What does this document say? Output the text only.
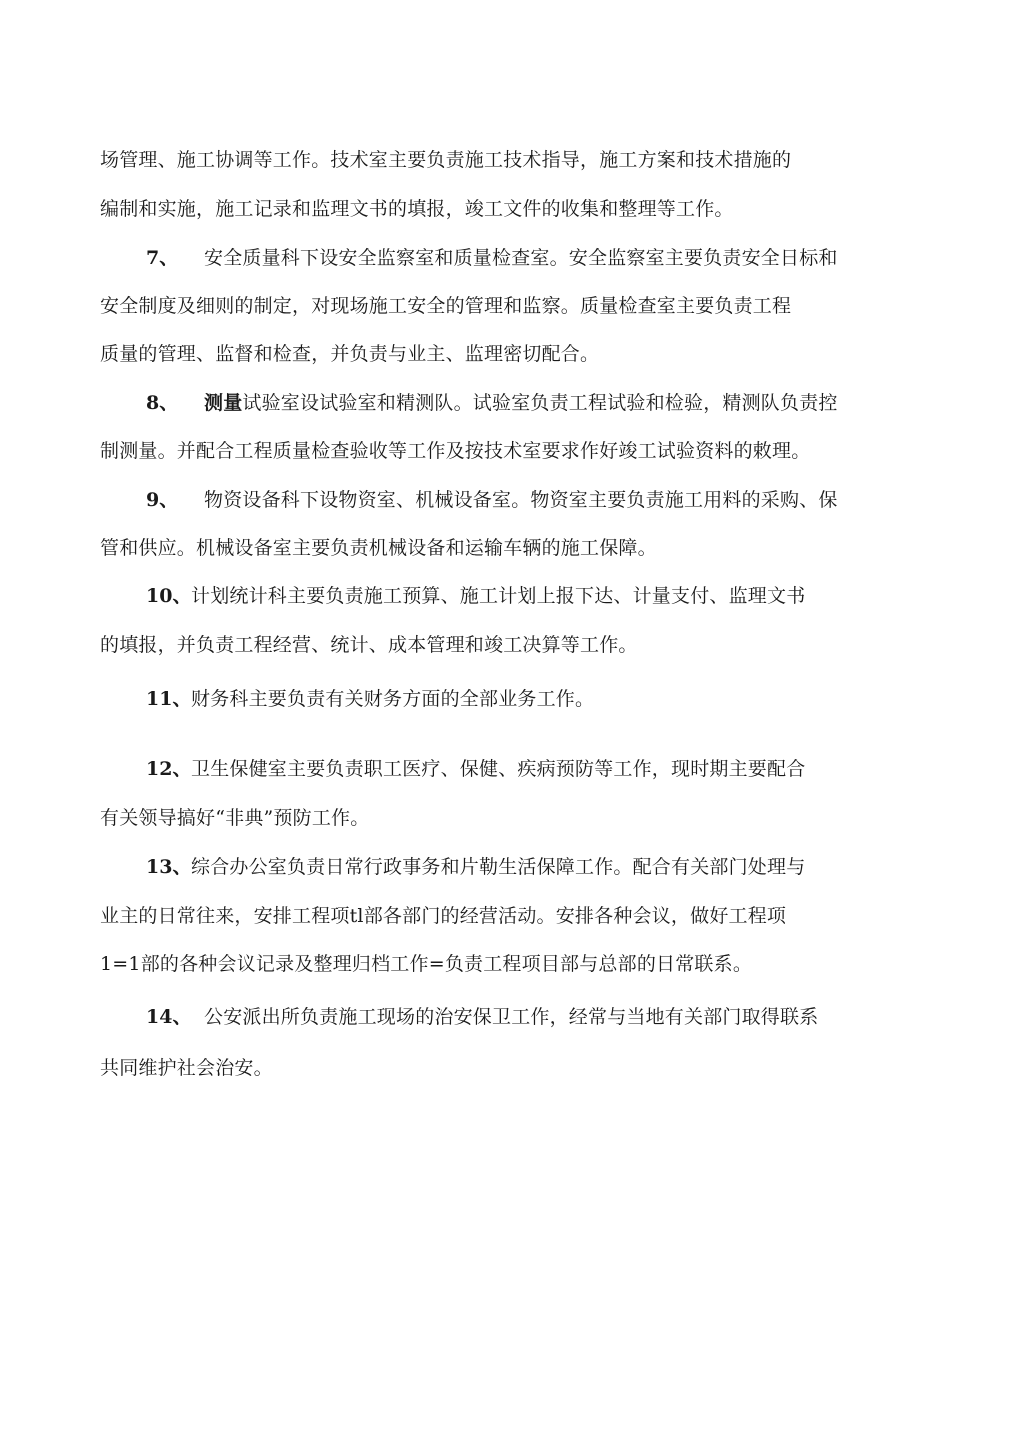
场管理、施工协调等工作。技术室主要负责施工技术指导，施工方案和技术措施的
编制和实施，施工记录和监理文书的填报，竣工文件的收集和整理等工作。
7、 安全质量科下设安全监察室和质量检查室。安全监察室主要负责安全日标和
安全制度及细则的制定，对现场施工安全的管理和监察。质量检查室主要负责工程
质量的管理、监督和检查，并负责与业主、监理密切配合。
8、 测量试验室设试验室和精测队。试验室负责工程试验和检验，精测队负责控
制测量。并配合工程质量检查验收等工作及按技术室要求作好竣工试验资料的敕理。
9、 物资设备科下设物资室、机械设备室。物资室主要负责施工用料的采购、保
管和供应。机械设备室主要负责机械设备和运输车辆的施工保障。
10、 计划统计科主要负责施工预算、施工计划上报下达、计量支付、监理文书
的填报，并负责工程经营、统计、成本管理和竣工决算等工作。
11、 财务科主要负责有关财务方面的全部业务工作。
12、 卫生保健室主要负责职工医疗、保健、疾病预防等工作，现时期主要配合
有关领导搞好“非典”预防工作。
13、 综合办公室负责日常行政事务和片勒生活保障工作。配合有关部门处理与
业主的日常往来，安排工程项tl部各部门的经营活动。安排各种会议，做好工程项
1=1部的各种会议记录及整理归档工作=负责工程项目部与总部的日常联系。
14、 公安派出所负责施工现场的治安保卫工作，经常与当地有关部门取得联系
共同维护社会治安。
